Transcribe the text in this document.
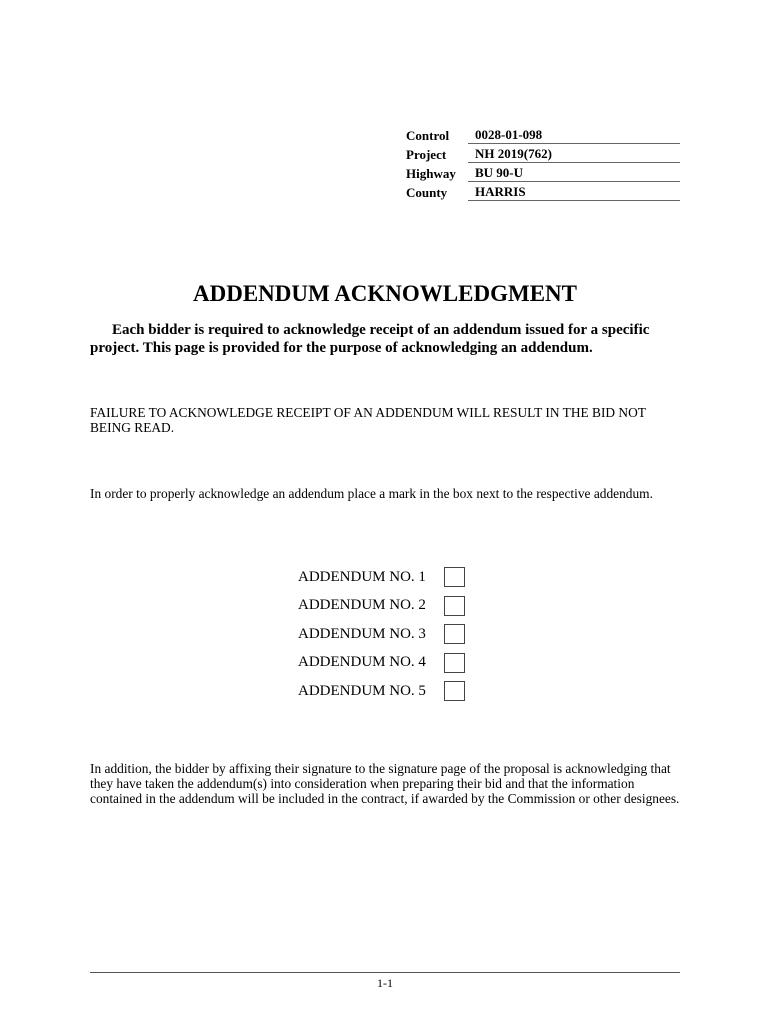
Control	0028-01-098
Project	NH 2019(762)
Highway	BU 90-U
County	HARRIS
ADDENDUM ACKNOWLEDGMENT

Each bidder is required to acknowledge receipt of an addendum issued for a specific project. This page is provided for the purpose of acknowledging an addendum.

FAILURE TO ACKNOWLEDGE RECEIPT OF AN ADDENDUM WILL RESULT IN THE BID NOT BEING READ.

In order to properly acknowledge an addendum place a mark in the box next to the respective addendum.

ADDENDUM NO. 1
ADDENDUM NO. 2
ADDENDUM NO. 3
ADDENDUM NO. 4
ADDENDUM NO. 5

In addition, the bidder by affixing their signature to the signature page of the proposal is acknowledging that they have taken the addendum(s) into consideration when preparing their bid and that the information contained in the addendum will be included in the contract, if awarded by the Commission or other designees.

1-1
